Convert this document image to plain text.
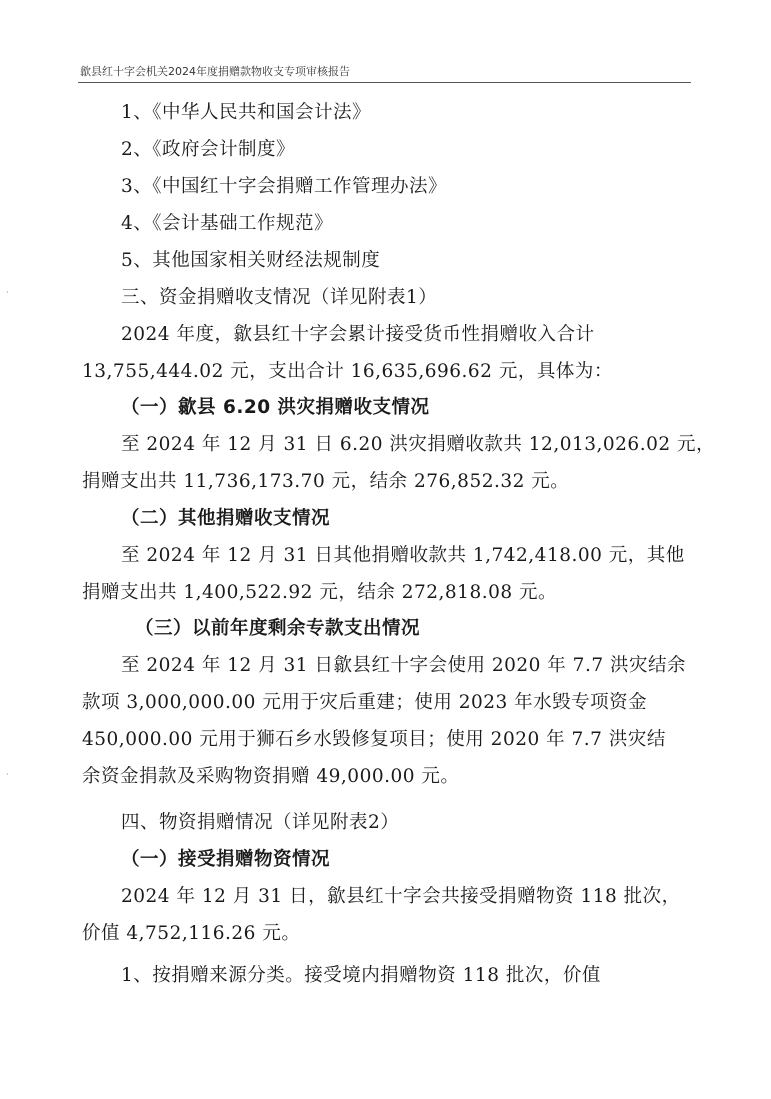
歙县红十字会机关2024年度捐赠款物收支专项审核报告
·
·
1、《中华人民共和国会计法》
2、《政府会计制度》
3、《中国红十字会捐赠工作管理办法》
4、《会计基础工作规范》
5、其他国家相关财经法规制度
三、资金捐赠收支情况（详见附表1）
2024 年度，歙县红十字会累计接受货币性捐赠收入合计
13,755,444.02 元，支出合计 16,635,696.62 元，具体为：
（一）歙县 6.20 洪灾捐赠收支情况
至 2024 年 12 月 31 日 6.20 洪灾捐赠收款共 12,013,026.02 元，
捐赠支出共 11,736,173.70 元，结余 276,852.32 元。
（二）其他捐赠收支情况
至 2024 年 12 月 31 日其他捐赠收款共 1,742,418.00 元，其他
捐赠支出共 1,400,522.92 元，结余 272,818.08 元。
（三）以前年度剩余专款支出情况
至 2024 年 12 月 31 日歙县红十字会使用 2020 年 7.7 洪灾结余
款项 3,000,000.00 元用于灾后重建；使用 2023 年水毁专项资金
450,000.00 元用于狮石乡水毁修复项目；使用 2020 年 7.7 洪灾结
余资金捐款及采购物资捐赠 49,000.00 元。
四、物资捐赠情况（详见附表2）
（一）接受捐赠物资情况
2024 年 12 月 31 日，歙县红十字会共接受捐赠物资 118 批次，
价值 4,752,116.26 元。
1、按捐赠来源分类。接受境内捐赠物资 118 批次，价值
